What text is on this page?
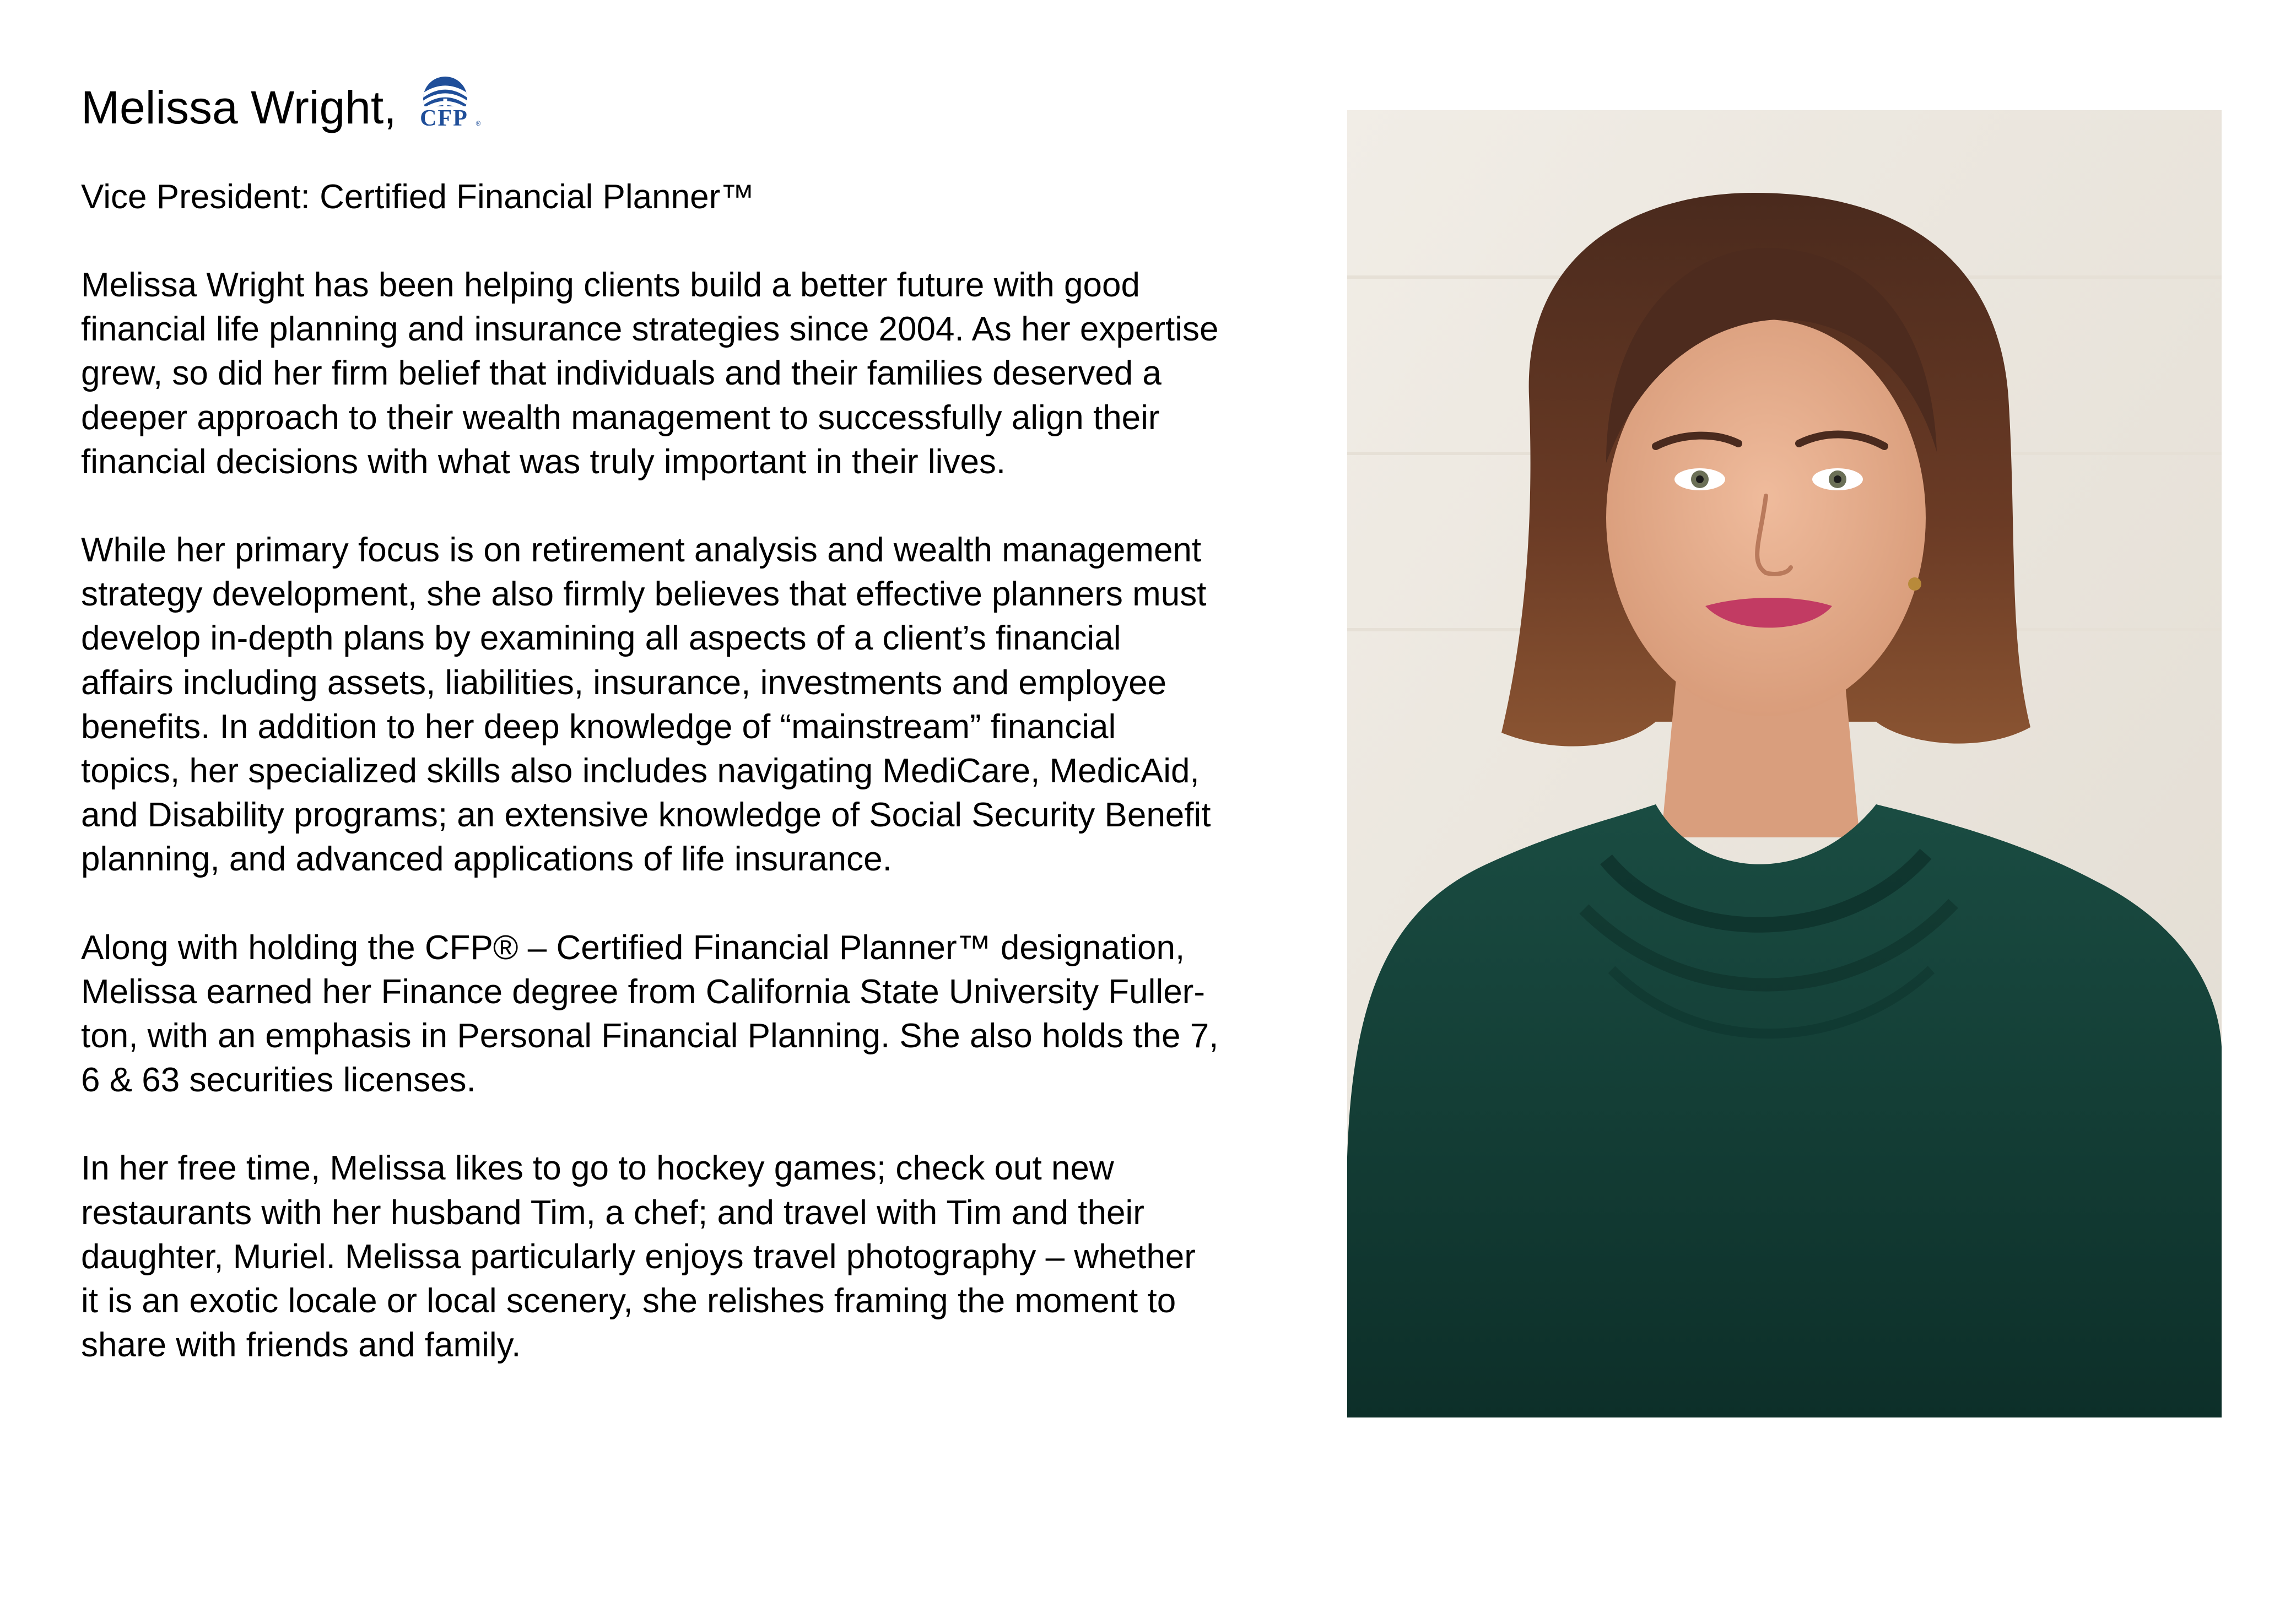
Melissa Wright, CFP ®
Vice President: Certified Financial Planner™
Melissa Wright has been helping clients build a better future with good
financial life planning and insurance strategies since 2004. As her expertise
grew, so did her firm belief that individuals and their families deserved a
deeper approach to their wealth management to successfully align their
financial decisions with what was truly important in their lives.
While her primary focus is on retirement analysis and wealth management
strategy development, she also firmly believes that effective planners must
develop in-depth plans by examining all aspects of a client’s financial
affairs including assets, liabilities, insurance, investments and employee
benefits. In addition to her deep knowledge of “mainstream” financial
topics, her specialized skills also includes navigating MediCare, MedicAid,
and Disability programs; an extensive knowledge of Social Security Benefit
planning, and advanced applications of life insurance.
Along with holding the CFP® – Certified Financial Planner™ designation,
Melissa earned her Finance degree from California State University Fuller-
ton, with an emphasis in Personal Financial Planning. She also holds the 7,
6 & 63 securities licenses.
In her free time, Melissa likes to go to hockey games; check out new
restaurants with her husband Tim, a chef; and travel with Tim and their
daughter, Muriel. Melissa particularly enjoys travel photography – whether
it is an exotic locale or local scenery, she relishes framing the moment to
share with friends and family.
